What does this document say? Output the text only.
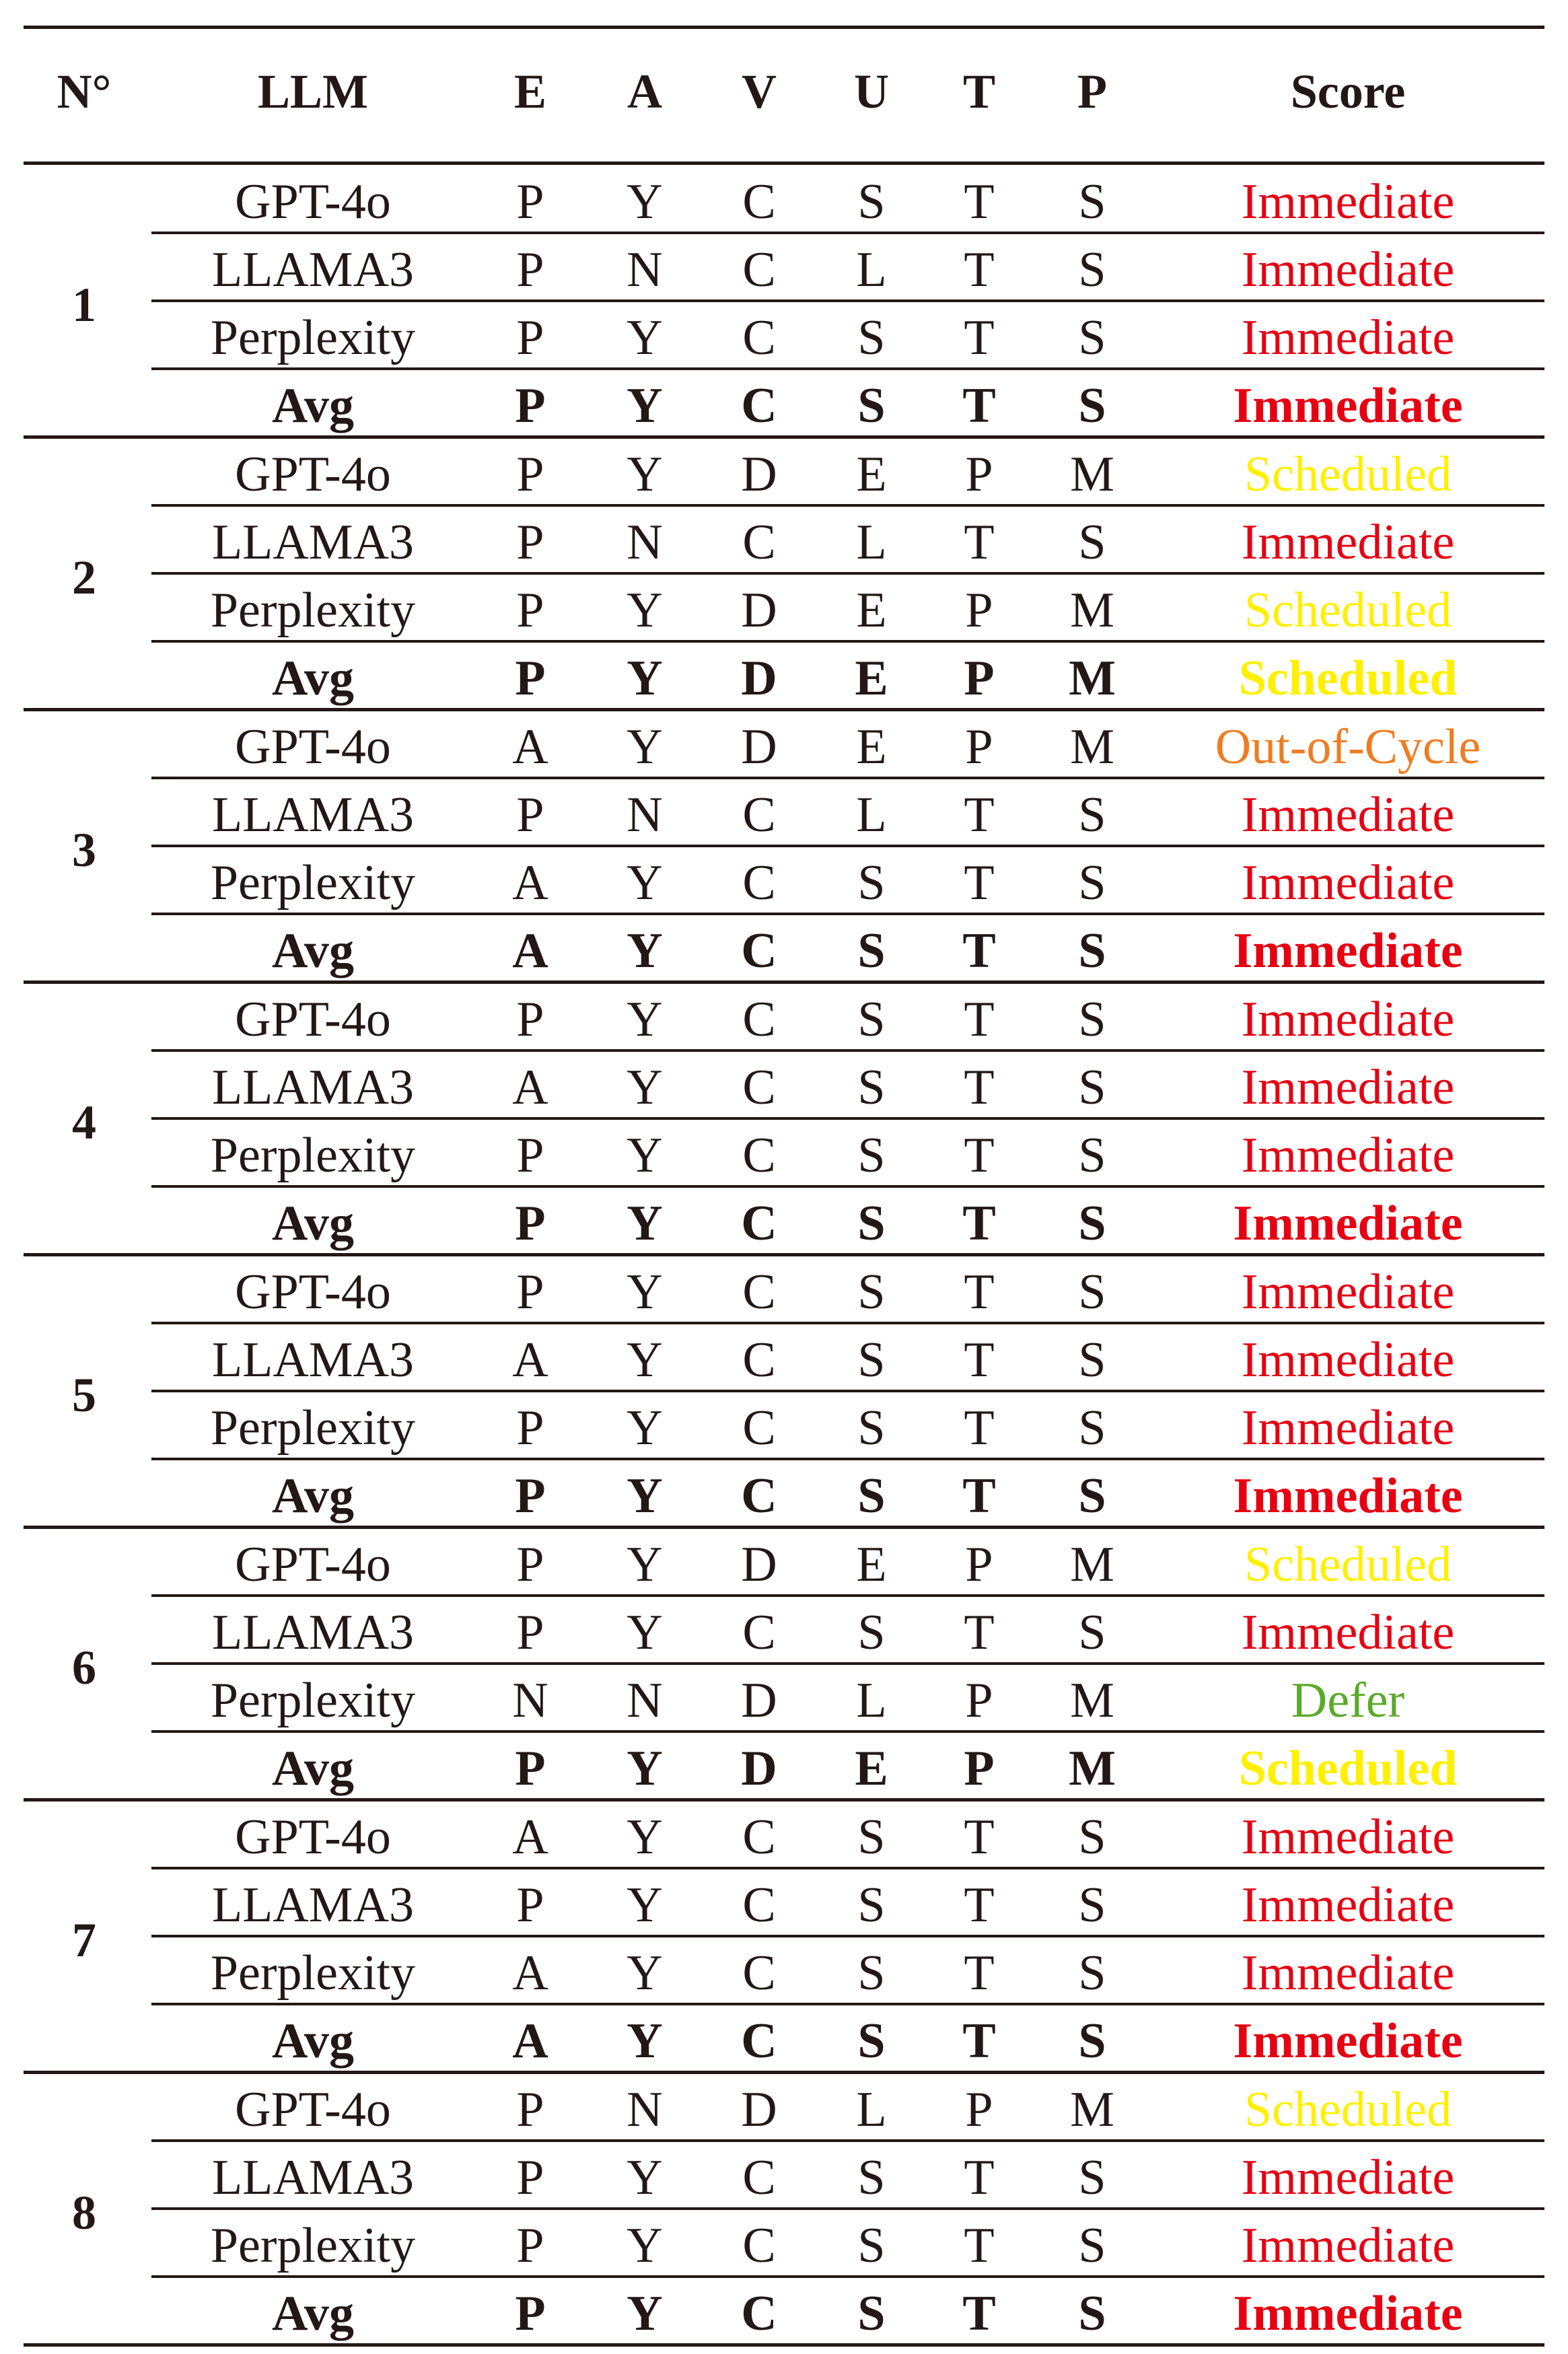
N°	LLM	E	A	V	U	T	P	Score
1
GPT-4o	P	Y	C	S	T	S	Immediate
LLAMA3	P	N	C	L	T	S	Immediate
Perplexity	P	Y	C	S	T	S	Immediate
Avg	P	Y	C	S	T	S	Immediate
2
GPT-4o	P	Y	D	E	P	M	Scheduled
LLAMA3	P	N	C	L	T	S	Immediate
Perplexity	P	Y	D	E	P	M	Scheduled
Avg	P	Y	D	E	P	M	Scheduled
3
GPT-4o	A	Y	D	E	P	M	Out-of-Cycle
LLAMA3	P	N	C	L	T	S	Immediate
Perplexity	A	Y	C	S	T	S	Immediate
Avg	A	Y	C	S	T	S	Immediate
4
GPT-4o	P	Y	C	S	T	S	Immediate
LLAMA3	A	Y	C	S	T	S	Immediate
Perplexity	P	Y	C	S	T	S	Immediate
Avg	P	Y	C	S	T	S	Immediate
5
GPT-4o	P	Y	C	S	T	S	Immediate
LLAMA3	A	Y	C	S	T	S	Immediate
Perplexity	P	Y	C	S	T	S	Immediate
Avg	P	Y	C	S	T	S	Immediate
6
GPT-4o	P	Y	D	E	P	M	Scheduled
LLAMA3	P	Y	C	S	T	S	Immediate
Perplexity	N	N	D	L	P	M	Defer
Avg	P	Y	D	E	P	M	Scheduled
7
GPT-4o	A	Y	C	S	T	S	Immediate
LLAMA3	P	Y	C	S	T	S	Immediate
Perplexity	A	Y	C	S	T	S	Immediate
Avg	A	Y	C	S	T	S	Immediate
8
GPT-4o	P	N	D	L	P	M	Scheduled
LLAMA3	P	Y	C	S	T	S	Immediate
Perplexity	P	Y	C	S	T	S	Immediate
Avg	P	Y	C	S	T	S	Immediate
